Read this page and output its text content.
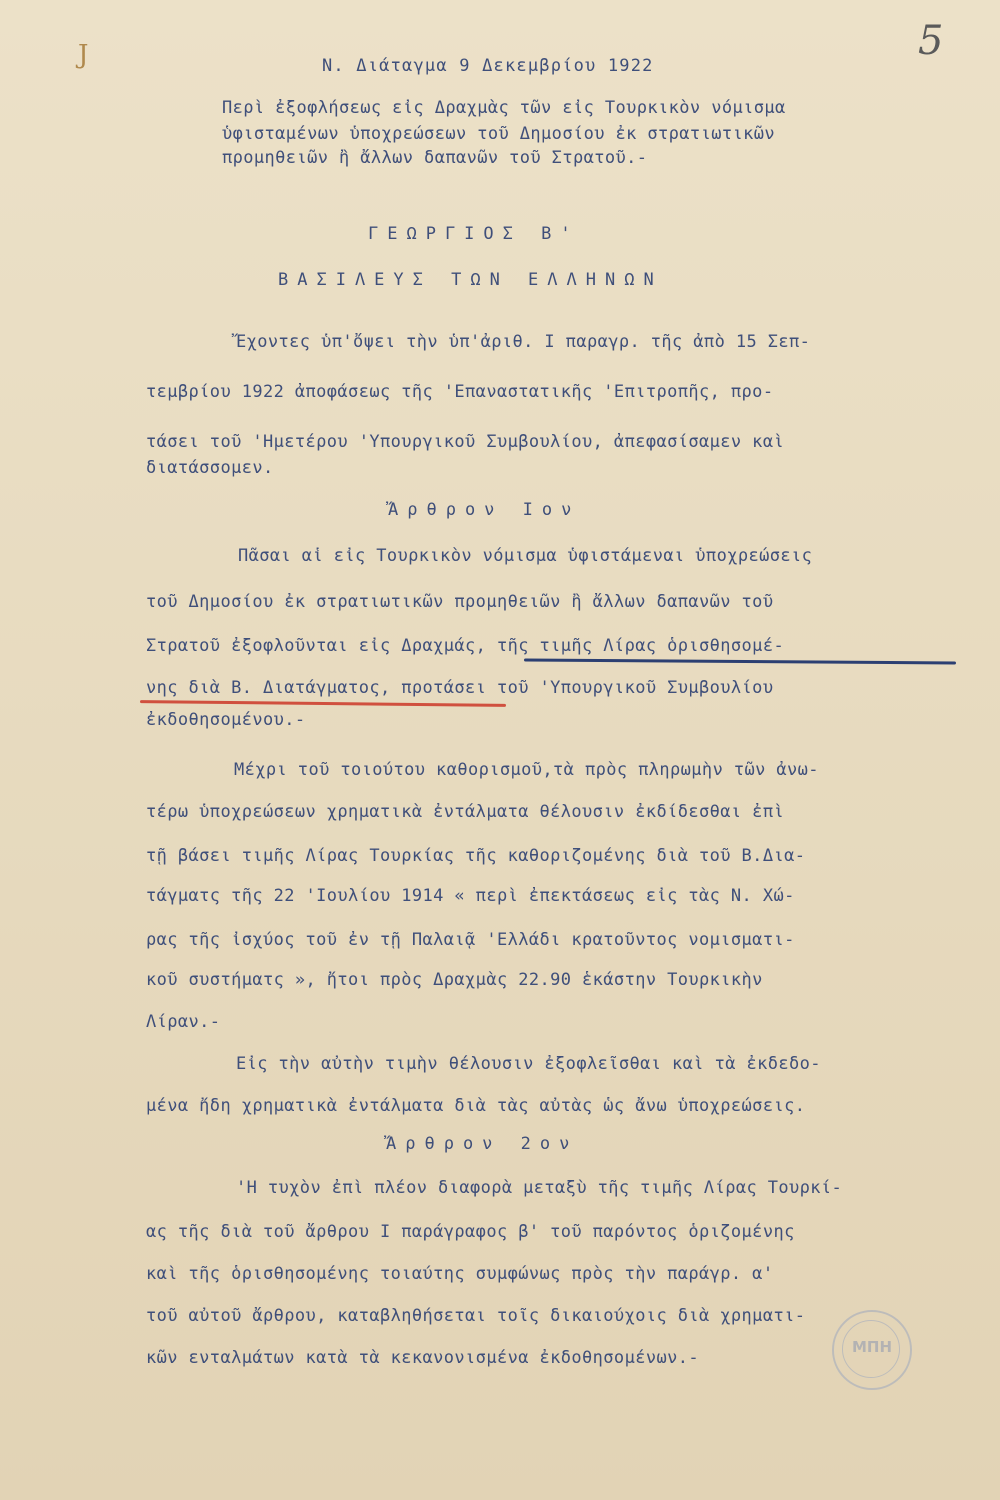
J	5
Ν. Διάταγμα 9 Δεκεμβρίου 1922
Περὶ ἐξοφλήσεως εἰς Δραχμὰς τῶν εἰς Τουρκικὸν νόμισμα
ὑφισταμένων ὑποχρεώσεων τοῦ Δημοσίου ἐκ στρατιωτικῶν
προμηθειῶν ἢ ἄλλων δαπανῶν τοῦ Στρατοῦ.-
ΓΕΩΡΓΙΟΣ Β'
ΒΑΣΙΛΕΥΣ ΤΩΝ ΕΛΛΗΝΩΝ
Ἔχοντες ὑπ'ὄψει τὴν ὑπ'ἀριθ. Ι παραγρ. τῆς ἀπὸ 15 Σεπ-
τεμβρίου 1922 ἀποφάσεως τῆς 'Επαναστατικῆς 'Επιτροπῆς, προ-
τάσει τοῦ 'Ημετέρου 'Υπουργικοῦ Συμβουλίου, ἀπεφασίσαμεν καὶ
διατάσσομεν.
Ἄρθρον Ιον
Πᾶσαι αἱ εἰς Τουρκικὸν νόμισμα ὑφιστάμεναι ὑποχρεώσεις
τοῦ Δημοσίου ἐκ στρατιωτικῶν προμηθειῶν ἢ ἄλλων δαπανῶν τοῦ
Στρατοῦ ἐξοφλοῦνται εἰς Δραχμάς, τῆς τιμῆς Λίρας ὁρισθησομέ-
νης διὰ Β. Διατάγματος, προτάσει τοῦ 'Υπουργικοῦ Συμβουλίου
ἐκδοθησομένου.-
Μέχρι τοῦ τοιούτου καθορισμοῦ,τὰ πρὸς πληρωμὴν τῶν ἀνω-
τέρω ὑποχρεώσεων χρηματικὰ ἐντάλματα θέλουσιν ἐκδίδεσθαι ἐπὶ
τῇ βάσει τιμῆς Λίρας Τουρκίας τῆς καθοριζομένης διὰ τοῦ Β.Δια-
τάγματς τῆς 22 'Ιουλίου 1914 « περὶ ἐπεκτάσεως εἰς τὰς Ν. Χώ-
ρας τῆς ἰσχύος τοῦ ἐν τῇ Παλαιᾷ 'Ελλάδι κρατοῦντος νομισματι-
κοῦ συστήματς », ἤτοι πρὸς Δραχμὰς 22.90 ἑκάστην Τουρκικὴν
Λίραν.-
Εἰς τὴν αὐτὴν τιμὴν θέλουσιν ἐξοφλεῖσθαι καὶ τὰ ἐκδεδο-
μένα ἤδη χρηματικὰ ἐντάλματα διὰ τὰς αὐτὰς ὡς ἄνω ὑποχρεώσεις.
Ἄρθρον 2ον
'Η τυχὸν ἐπὶ πλέον διαφορὰ μεταξὺ τῆς τιμῆς Λίρας Τουρκί-
ας τῆς διὰ τοῦ ἄρθρου Ι παράγραφος β' τοῦ παρόντος ὁριζομένης
καὶ τῆς ὁρισθησομένης τοιαύτης συμφώνως πρὸς τὴν παράγρ. α'
τοῦ αὐτοῦ ἄρθρου, καταβληθήσεται τοῖς δικαιούχοις διὰ χρηματι-
κῶν ενταλμάτων κατὰ τὰ κεκανονισμένα ἐκδοθησομένων.-
ΜΠΗ
